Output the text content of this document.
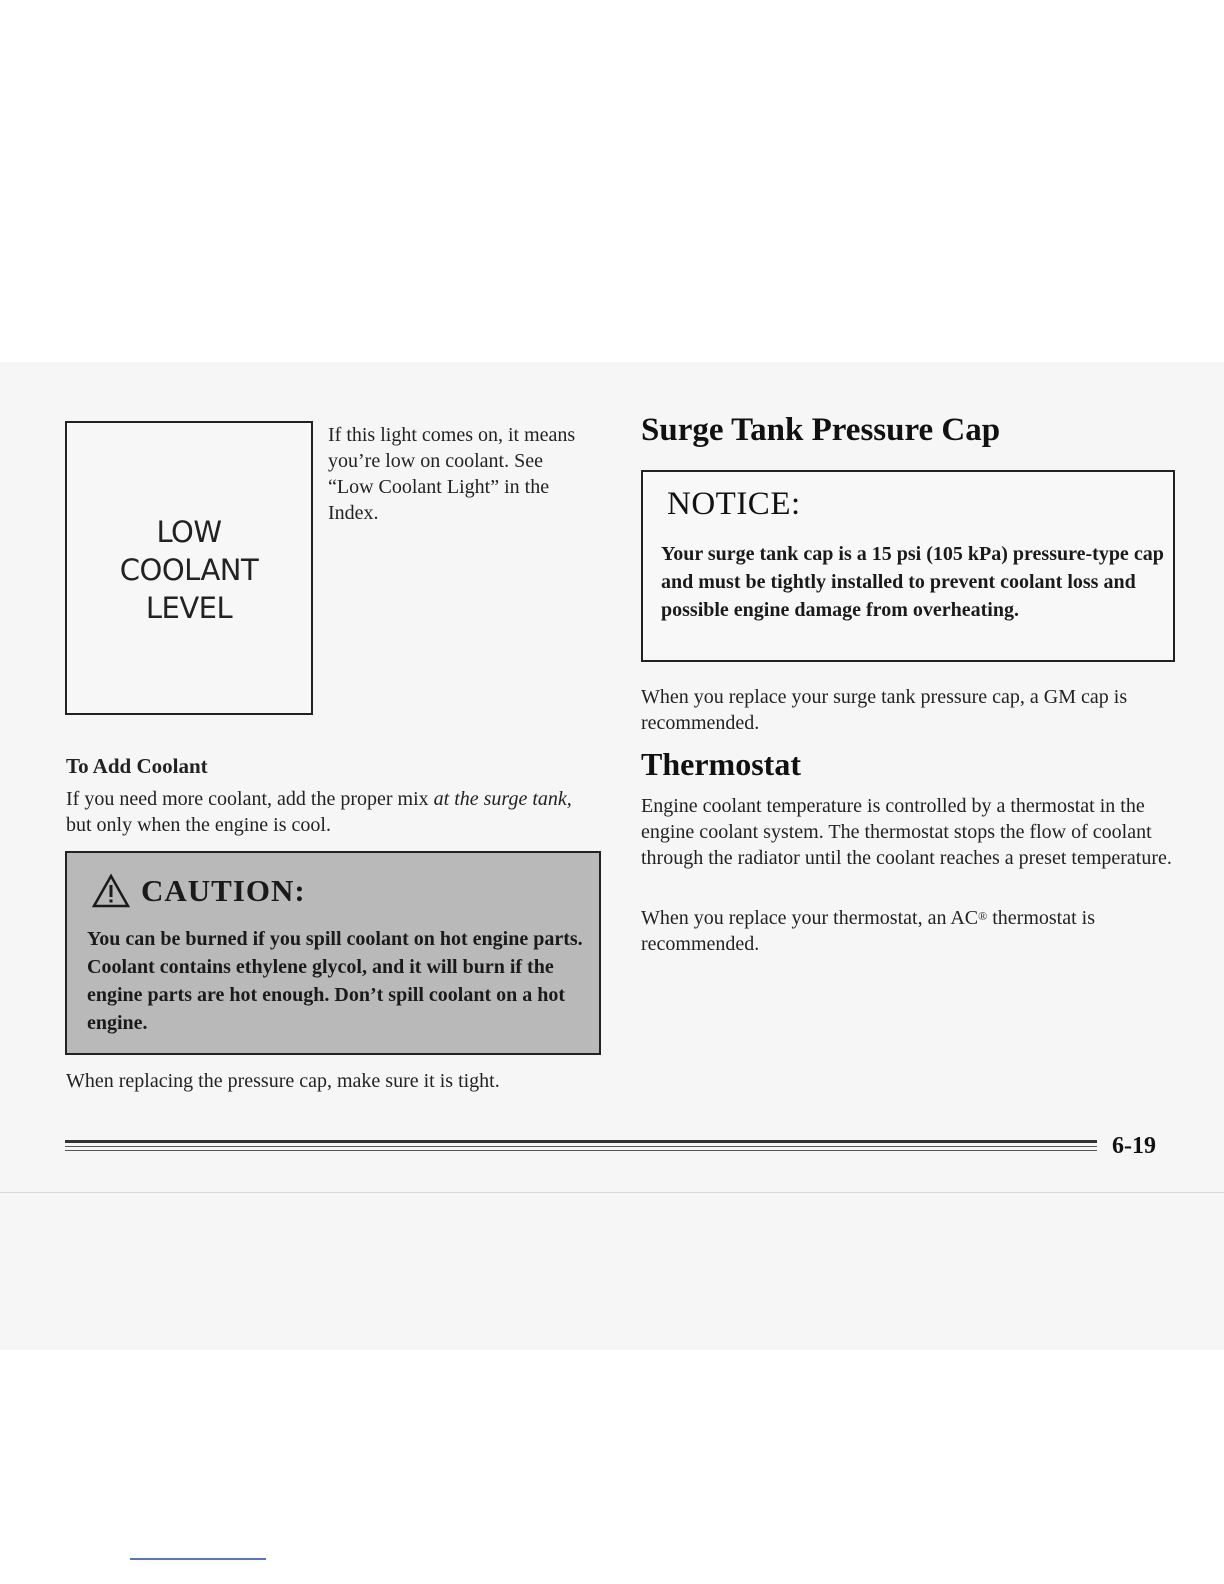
LOW
COOLANT
LEVEL
If this light comes on, it means you’re low on coolant. See “Low Coolant Light” in the Index.
To Add Coolant
If you need more coolant, add the proper mix at the surge tank, but only when the engine is cool.
CAUTION:
You can be burned if you spill coolant on hot engine parts. Coolant contains ethylene glycol, and it will burn if the engine parts are hot enough. Don’t spill coolant on a hot engine.
When replacing the pressure cap, make sure it is tight.
Surge Tank Pressure Cap
NOTICE:
Your surge tank cap is a 15 psi (105 kPa) pressure-type cap and must be tightly installed to prevent coolant loss and possible engine damage from overheating.
When you replace your surge tank pressure cap, a GM cap is recommended.
Thermostat
Engine coolant temperature is controlled by a thermostat in the engine coolant system. The thermostat stops the flow of coolant through the radiator until the coolant reaches a preset temperature.
When you replace your thermostat, an AC® thermostat is recommended.
6-19
